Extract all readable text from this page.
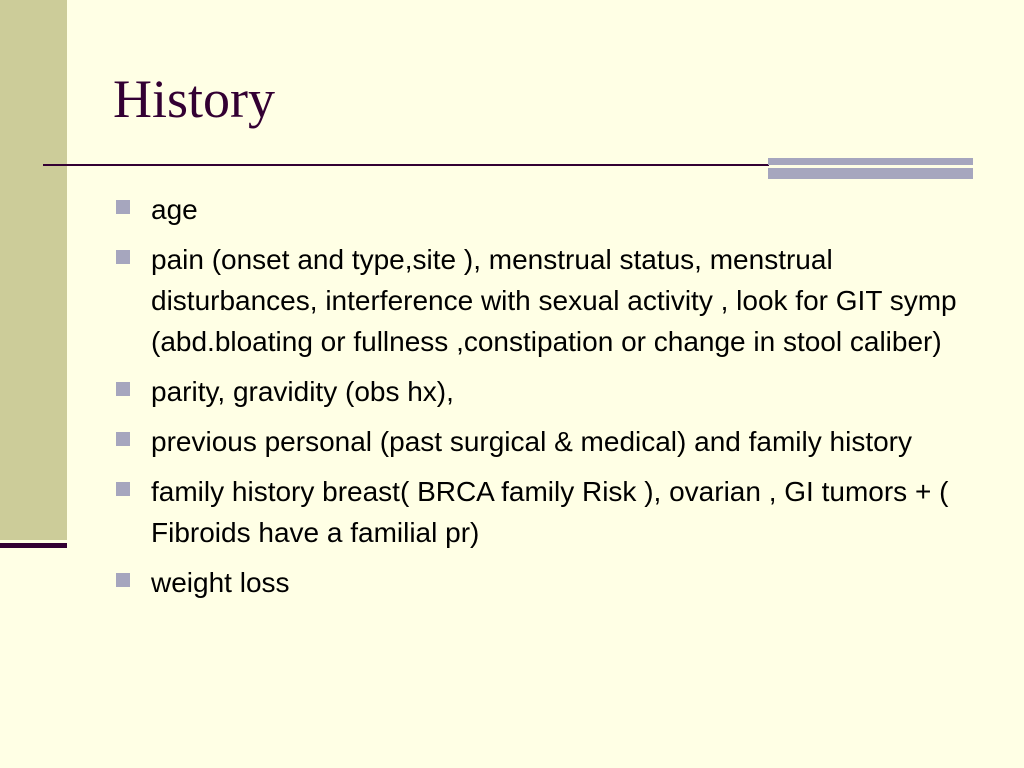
History
age
pain (onset and type,site ), menstrual status, menstrual disturbances, interference with sexual activity , look for GIT symp (abd.bloating or fullness ,constipation or change in stool caliber)
parity, gravidity (obs hx),
previous personal (past surgical & medical) and family history
family history breast( BRCA family Risk ), ovarian , GI tumors + ( Fibroids have a familial pr)
weight loss
